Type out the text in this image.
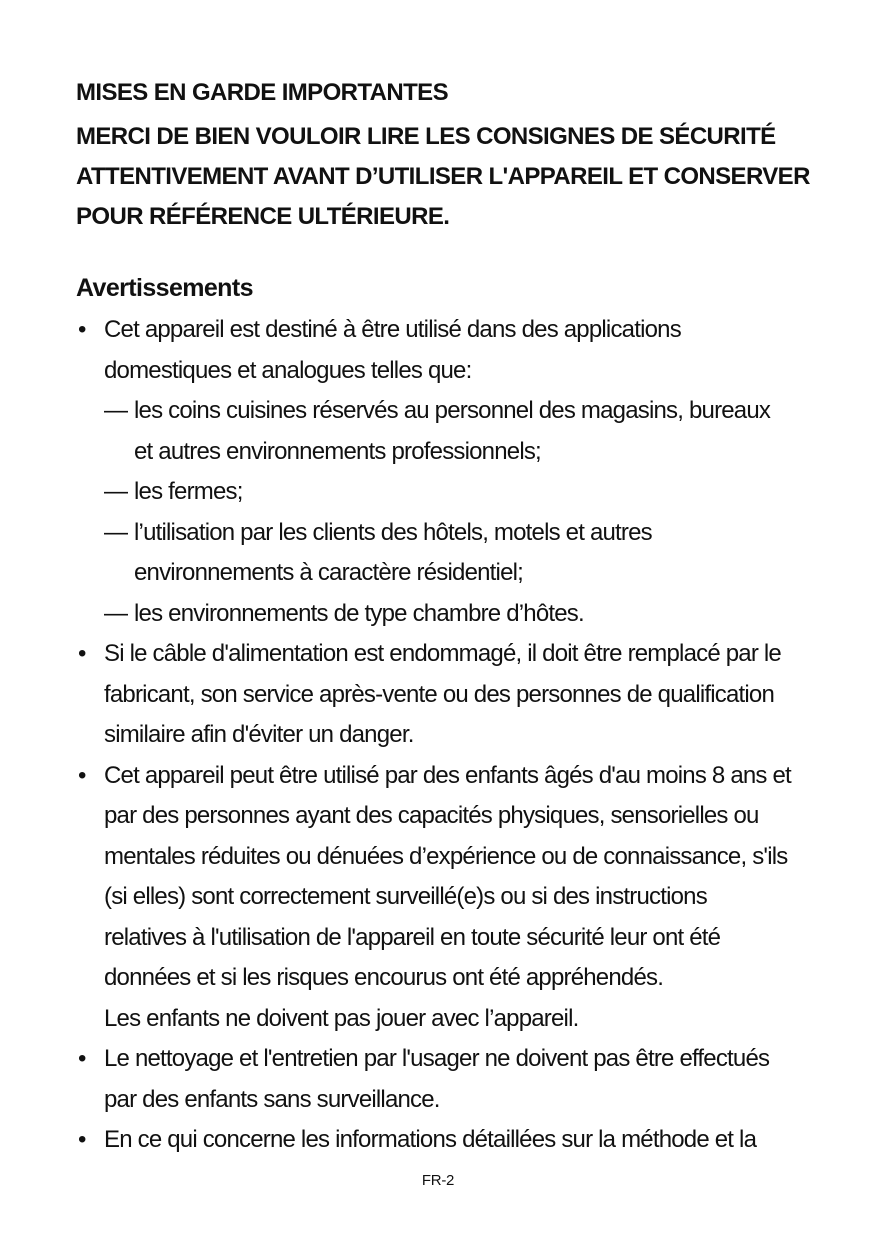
MISES EN GARDE IMPORTANTES

MERCI DE BIEN VOULOIR LIRE LES CONSIGNES DE SÉCURITÉ ATTENTIVEMENT AVANT D’UTILISER L'APPAREIL ET CONSERVER POUR RÉFÉRENCE ULTÉRIEURE.

Avertissements

• Cet appareil est destiné à être utilisé dans des applications domestiques et analogues telles que:
— les coins cuisines réservés au personnel des magasins, bureaux et autres environnements professionnels;
— les fermes;
— l’utilisation par les clients des hôtels, motels et autres environnements à caractère résidentiel;
— les environnements de type chambre d’hôtes.
• Si le câble d'alimentation est endommagé, il doit être remplacé par le fabricant, son service après-vente ou des personnes de qualification similaire afin d'éviter un danger.
• Cet appareil peut être utilisé par des enfants âgés d'au moins 8 ans et par des personnes ayant des capacités physiques, sensorielles ou mentales réduites ou dénuées d’expérience ou de connaissance, s'ils (si elles) sont correctement surveillé(e)s ou si des instructions relatives à l'utilisation de l'appareil en toute sécurité leur ont été données et si les risques encourus ont été appréhendés.
Les enfants ne doivent pas jouer avec l’appareil.
• Le nettoyage et l'entretien par l'usager ne doivent pas être effectués par des enfants sans surveillance.
• En ce qui concerne les informations détaillées sur la méthode et la
FR-2
